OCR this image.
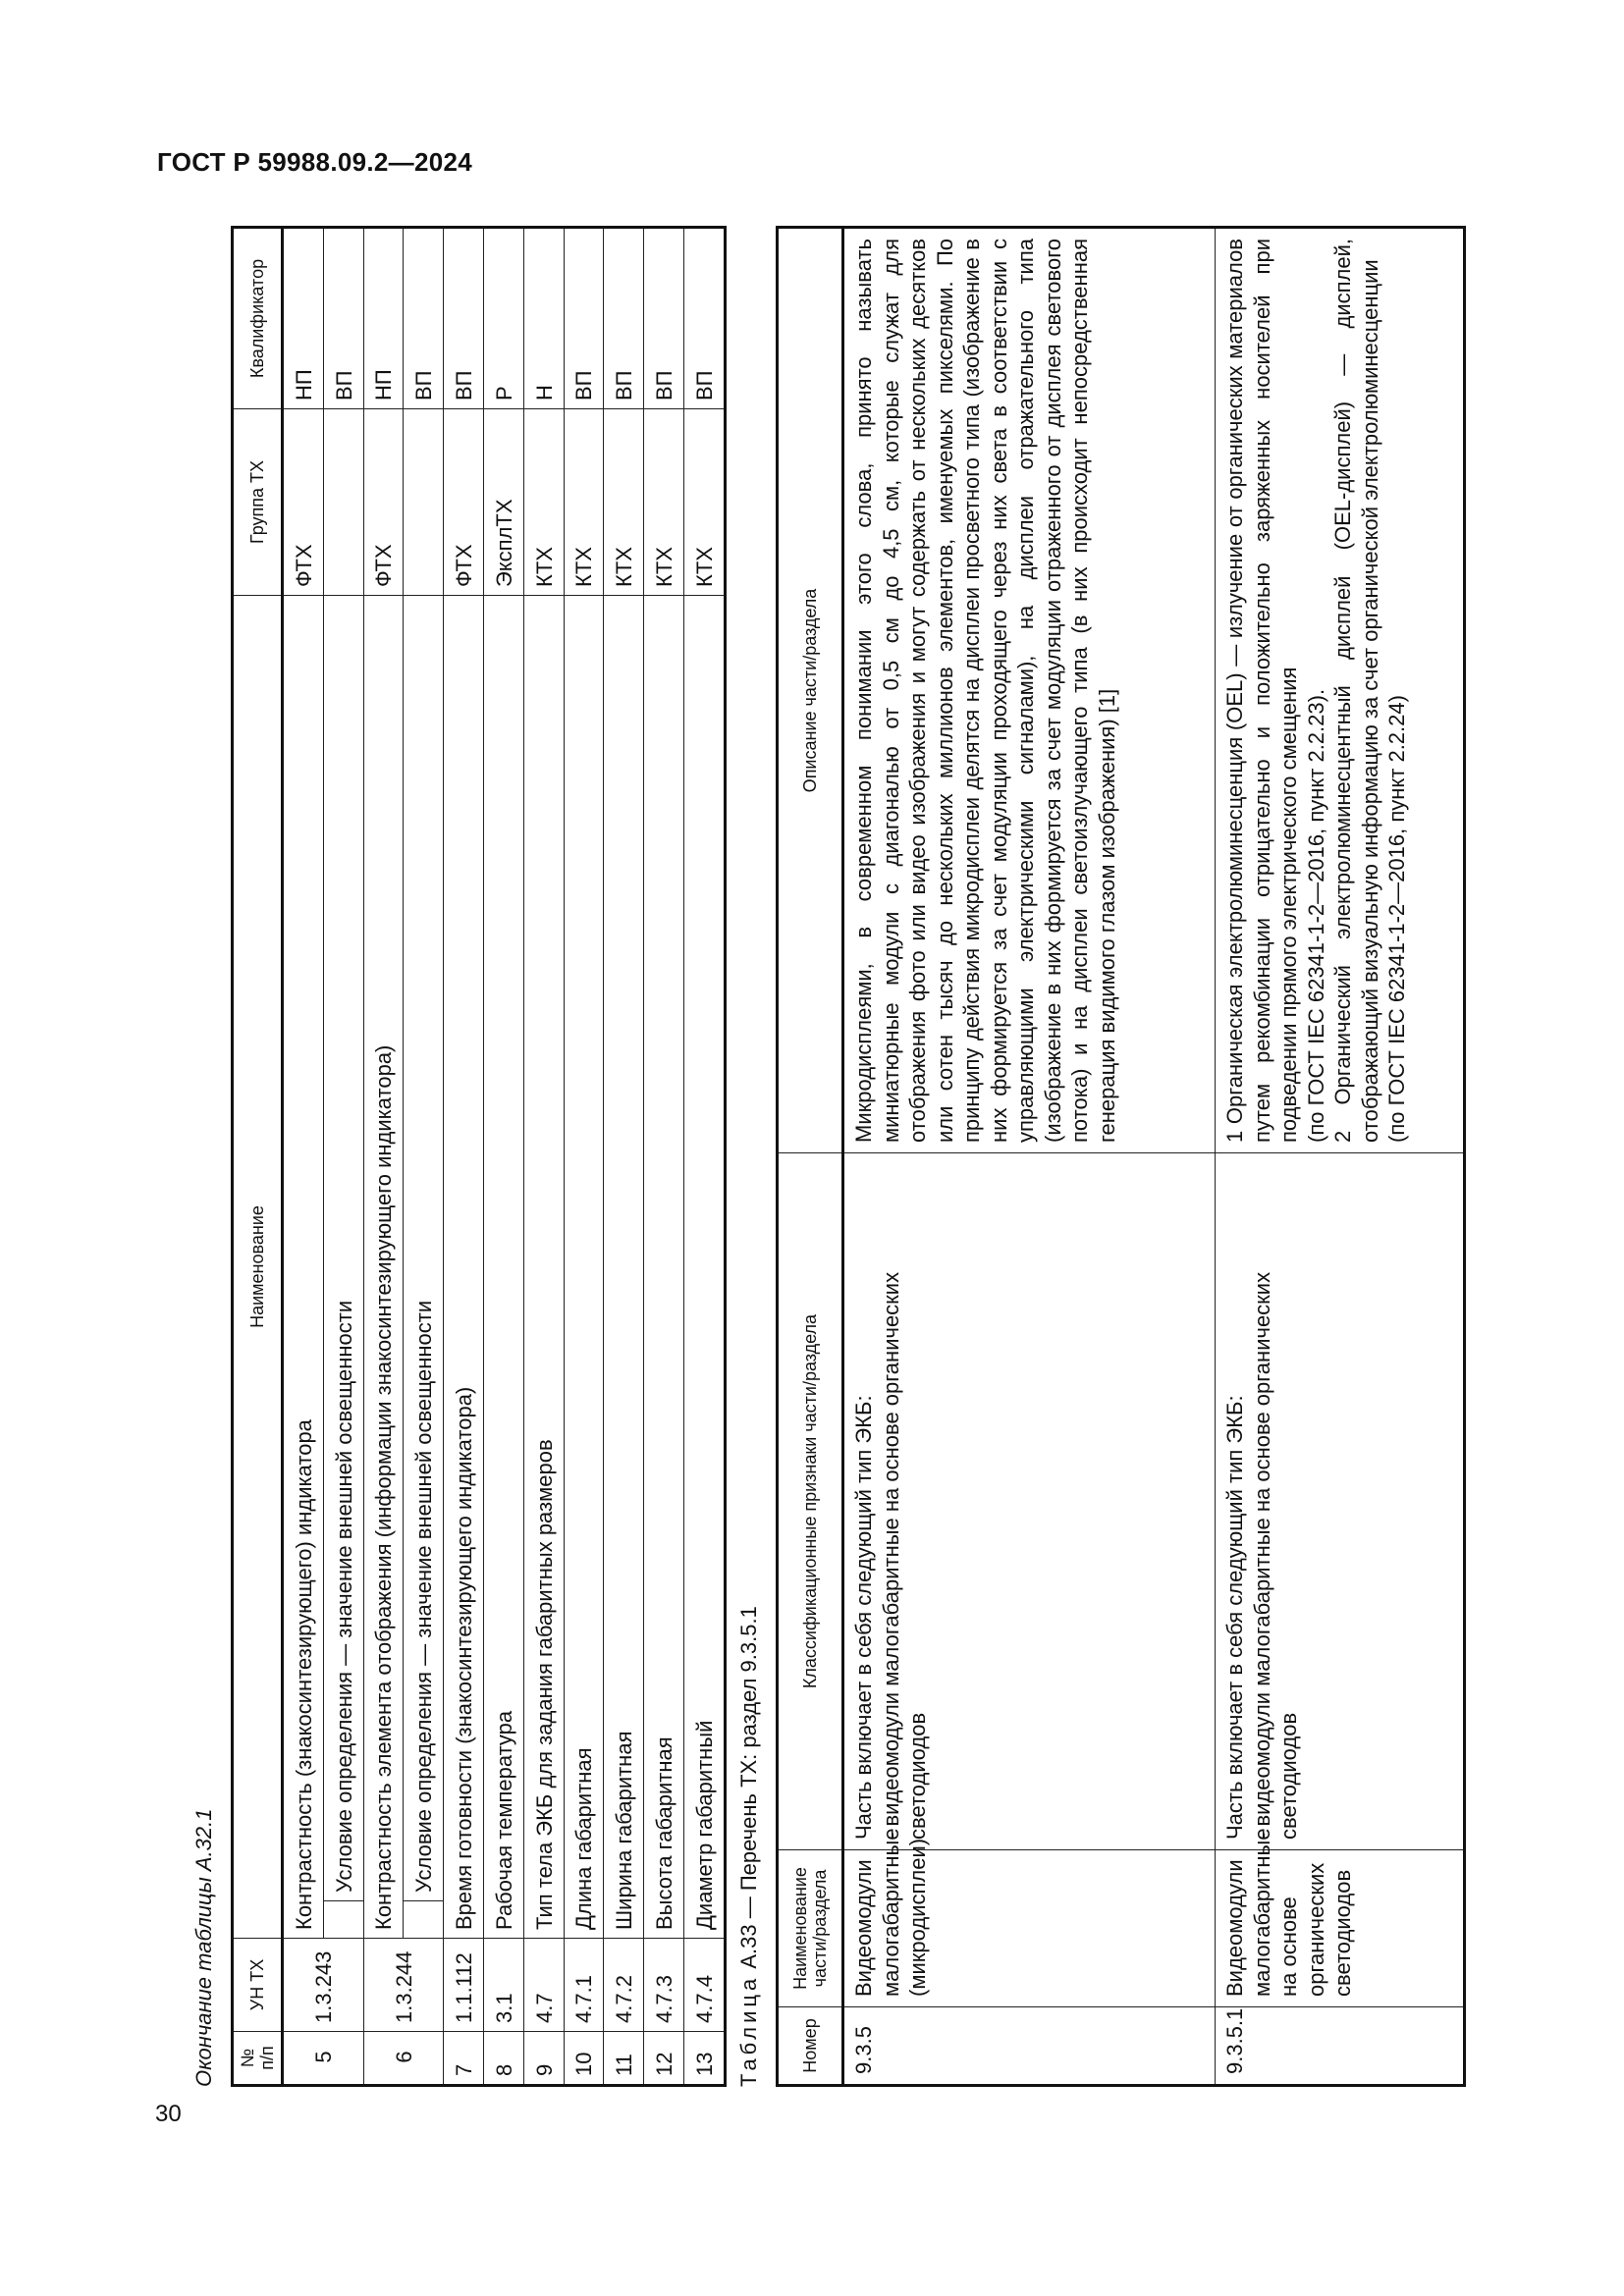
ГОСТ Р 59988.09.2—2024
30
Окончание таблицы А.32.1	№ п/п	УН ТХ	Наименование		Группа ТХ	Квалификатор
5	1.3.243	Контрастность (знакосинтезирующего) индикатора		ФТХ	НП
			Условие определения — значение внешней освещенности		ВП
6	1.3.244	Контрастность элемента отображения (информации знакосинтезирующего индикатора)		ФТХ	НП
			Условие определения — значение внешней освещенности		ВП
7	1.1.112	Время готовности (знакосинтезирующего индикатора)		ФТХ	ВП
8	3.1	Рабочая температура		ЭксплТХ	Р
9	4.7	Тип тела ЭКБ для задания габаритных размеров		КТХ	Н
10	4.7.1	Длина габаритная		КТХ	ВП
11	4.7.2	Ширина габаритная		КТХ	ВП
12	4.7.3	Высота габаритная		КТХ	ВП
13	4.7.4	Диаметр габаритный		КТХ	ВП
Таблица А.33 — Перечень ТХ: раздел 9.3.5.1
Номер	Наименование части/раздела	Классификационные признаки части/раздела	Описание части/раздела
9.3.5	Видеомодули малогабаритные (микродисплеи)	Часть включает в себя следующий тип ЭКБ:
- видеомодули малогабаритные на основе органических светодиодов	Микродисплеями, в современном понимании этого слова, принято называть миниатюрные модули с диагональю от 0,5 см до 4,5 см, которые служат для отображения фото или видео изображения и могут содержать от нескольких десятков или сотен тысяч до нескольких миллионов элементов, именуемых пикселями. По принципу действия микродисплеи делятся на дисплеи просветного типа (изображение в них формируется за счет модуляции проходящего через них света в соответствии с управляющими электрическими сигналами), на дисплеи отражательного типа (изображение в них формируется за счет модуляции отраженного от дисплея светового потока) и на дисплеи светоизлучающего типа (в них происходит непосредственная генерация видимого глазом изображения) [1]
9.3.5.1	Видеомодули малогабаритные на основе органических светодиодов	Часть включает в себя следующий тип ЭКБ:
- видеомодули малогабаритные на основе органических светодиодов	1 Органическая электролюминесценция (OEL) — излучение от органических материалов путем рекомбинации отрицательно и положительно заряженных носителей при подведении прямого электрического смещения
(по ГОСТ IEC 62341-1-2—2016, пункт 2.2.23).
2 Органический электролюминесцентный дисплей (OEL-дисплей) — дисплей, отображающий визуальную информацию за счет органической электролюминесценции
(по ГОСТ IEC 62341-1-2—2016, пункт 2.2.24)
